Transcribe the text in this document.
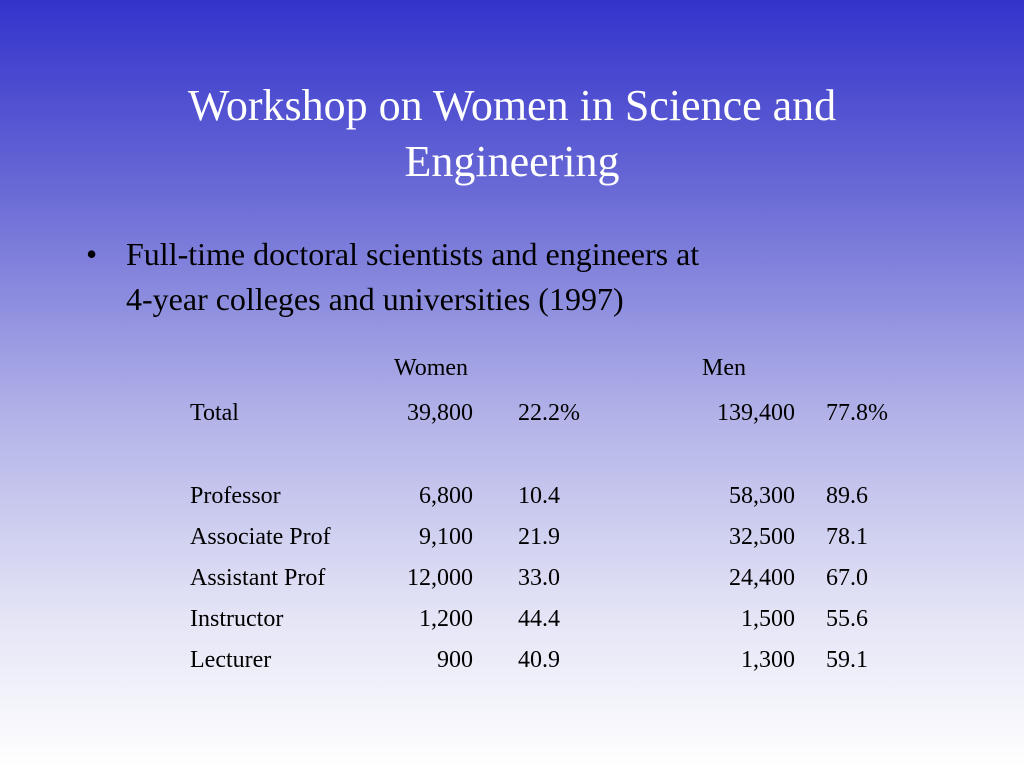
Workshop on Women in Science and
Engineering
• Full-time doctoral scientists and engineers at
4-year colleges and universities (1997)
Women	Men
Total	39,800 22.2%	139,400 77.8%
Professor	6,800 10.4	58,300 89.6
Associate Prof	9,100 21.9	32,500 78.1
Assistant Prof	12,000 33.0	24,400 67.0
Instructor	1,200 44.4	1,500 55.6
Lecturer	900 40.9	1,300 59.1
